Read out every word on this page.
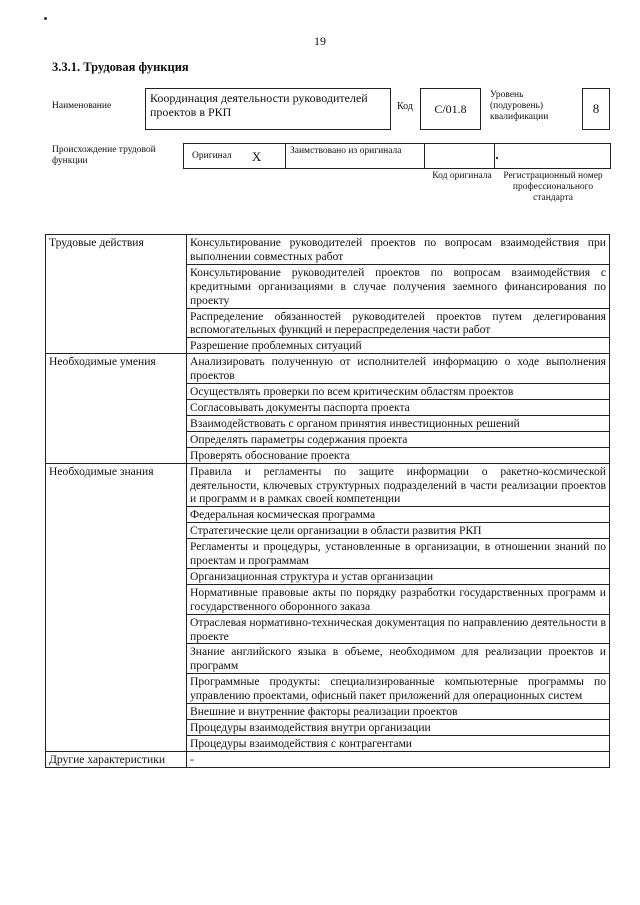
19
3.3.1. Трудовая функция
Наименование
Координация деятельности руководителей проектов в РКП	Код	C/01.8
Уровень (подуровень) квалификации
8
Происхождение трудовой функции
Оригинал X	Заимствовано из оригинала
Код оригинала	Регистрационный номер профессионального стандарта
Трудовые действия	Консультирование руководителей проектов по вопросам взаимодействия при выполнении совместных работ
	Консультирование руководителей проектов по вопросам взаимодействия с кредитными организациями в случае получения заемного финансирования по проекту
	Распределение обязанностей руководителей проектов путем делегирования вспомогательных функций и перераспределения части работ
	Разрешение проблемных ситуаций
Необходимые умения	Анализировать полученную от исполнителей информацию о ходе выполнения проектов
	Осуществлять проверки по всем критическим областям проектов
	Согласовывать документы паспорта проекта
	Взаимодействовать с органом принятия инвестиционных решений
	Определять параметры содержания проекта
	Проверять обоснование проекта
Необходимые знания	Правила и регламенты по защите информации о ракетно-космической деятельности, ключевых структурных подразделений в части реализации проектов и программ и в рамках своей компетенции
	Федеральная космическая программа
	Стратегические цели организации в области развития РКП
	Регламенты и процедуры, установленные в организации, в отношении знаний по проектам и программам
	Организационная структура и устав организации
	Нормативные правовые акты по порядку разработки государственных программ и государственного оборонного заказа
	Отраслевая нормативно-техническая документация по направлению деятельности в проекте
	Знание английского языка в объеме, необходимом для реализации проектов и программ
	Программные продукты: специализированные компьютерные программы по управлению проектами, офисный пакет приложений для операционных систем
	Внешние и внутренние факторы реализации проектов
	Процедуры взаимодействия внутри организации
	Процедуры взаимодействия с контрагентами
Другие характеристики	-
